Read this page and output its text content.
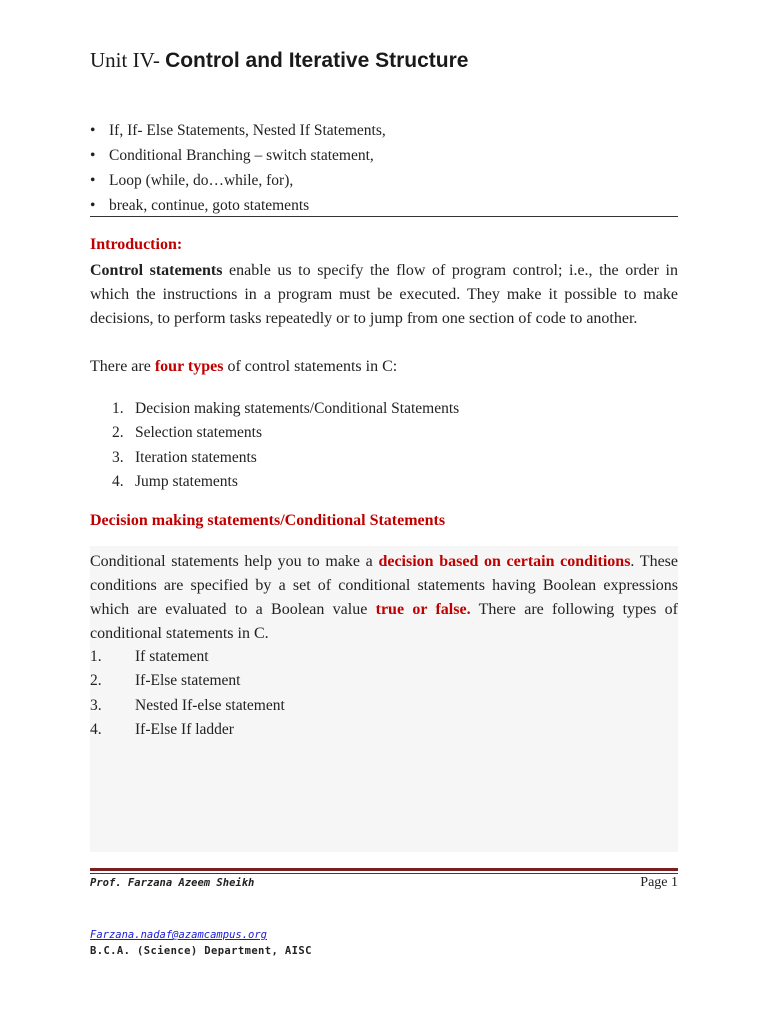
Unit IV- Control and Iterative Structure
• If, If- Else Statements, Nested If Statements,
• Conditional Branching – switch statement,
• Loop (while, do…while, for),
• break, continue, goto statements
Introduction:
Control statements enable us to specify the flow of program control; i.e., the order in which the instructions in a program must be executed. They make it possible to make decisions, to perform tasks repeatedly or to jump from one section of code to another.
There are four types of control statements in C:
1. Decision making statements/Conditional Statements
2. Selection statements
3. Iteration statements
4. Jump statements
Decision making statements/Conditional Statements
Conditional statements help you to make a decision based on certain conditions. These conditions are specified by a set of conditional statements having Boolean expressions which are evaluated to a Boolean value true or false. There are following types of conditional statements in C.
1. If statement
2. If-Else statement
3. Nested If-else statement
4. If-Else If ladder
Prof. Farzana Azeem Sheikh	Page 1
Farzana.nadaf@azamcampus.org
B.C.A. (Science) Department, AISC
